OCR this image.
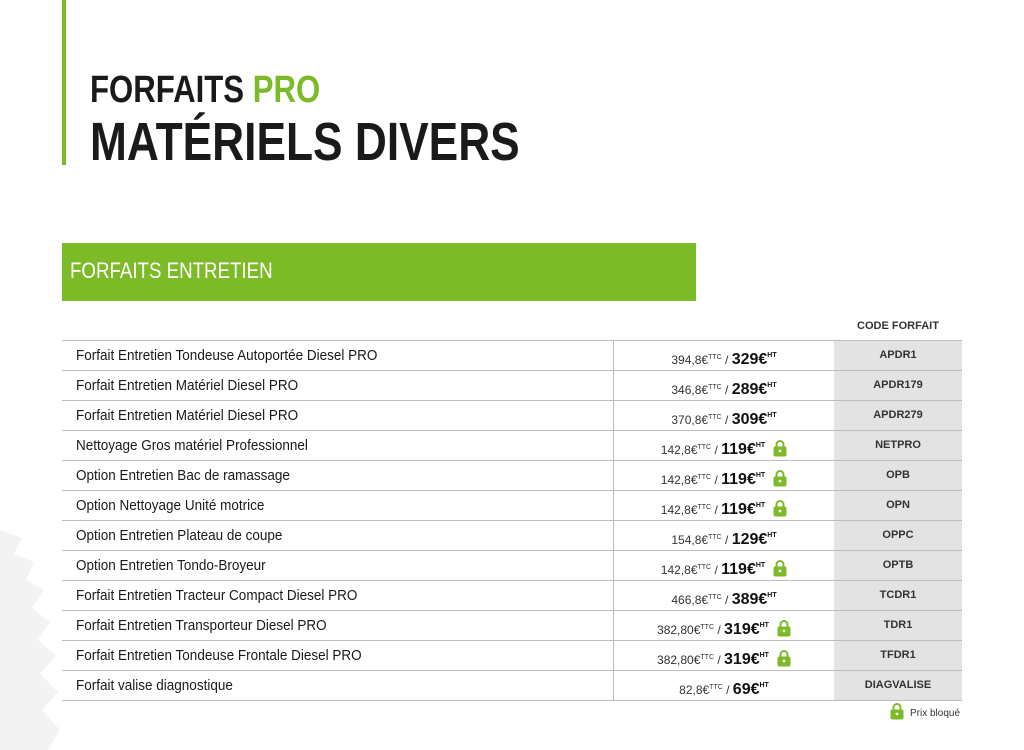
FORFAITS PRO
MATÉRIELS DIVERS
FORFAITS ENTRETIEN
CODE FORFAIT
Forfait Entretien Tondeuse Autoportée Diesel PRO	394,8€$^{TTC}$ / 329€$^{HT}$	APDR1
Forfait Entretien Matériel Diesel PRO	346,8€$^{TTC}$ / 289€$^{HT}$	APDR179
Forfait Entretien Matériel Diesel PRO	370,8€$^{TTC}$ / 309€$^{HT}$	APDR279
Nettoyage Gros matériel Professionnel	142,8€$^{TTC}$ / 119€$^{HT}$	NETPRO
Option Entretien Bac de ramassage	142,8€$^{TTC}$ / 119€$^{HT}$	OPB
Option Nettoyage Unité motrice	142,8€$^{TTC}$ / 119€$^{HT}$	OPN
Option Entretien Plateau de coupe	154,8€$^{TTC}$ / 129€$^{HT}$	OPPC
Option Entretien Tondo-Broyeur	142,8€$^{TTC}$ / 119€$^{HT}$	OPTB
Forfait Entretien Tracteur Compact Diesel PRO	466,8€$^{TTC}$ / 389€$^{HT}$	TCDR1
Forfait Entretien Transporteur Diesel PRO	382,80€$^{TTC}$ / 319€$^{HT}$	TDR1
Forfait Entretien Tondeuse Frontale Diesel PRO	382,80€$^{TTC}$ / 319€$^{HT}$	TFDR1
Forfait valise diagnostique	82,8€$^{TTC}$ / 69€$^{HT}$	DIAGVALISE
Prix bloqué
